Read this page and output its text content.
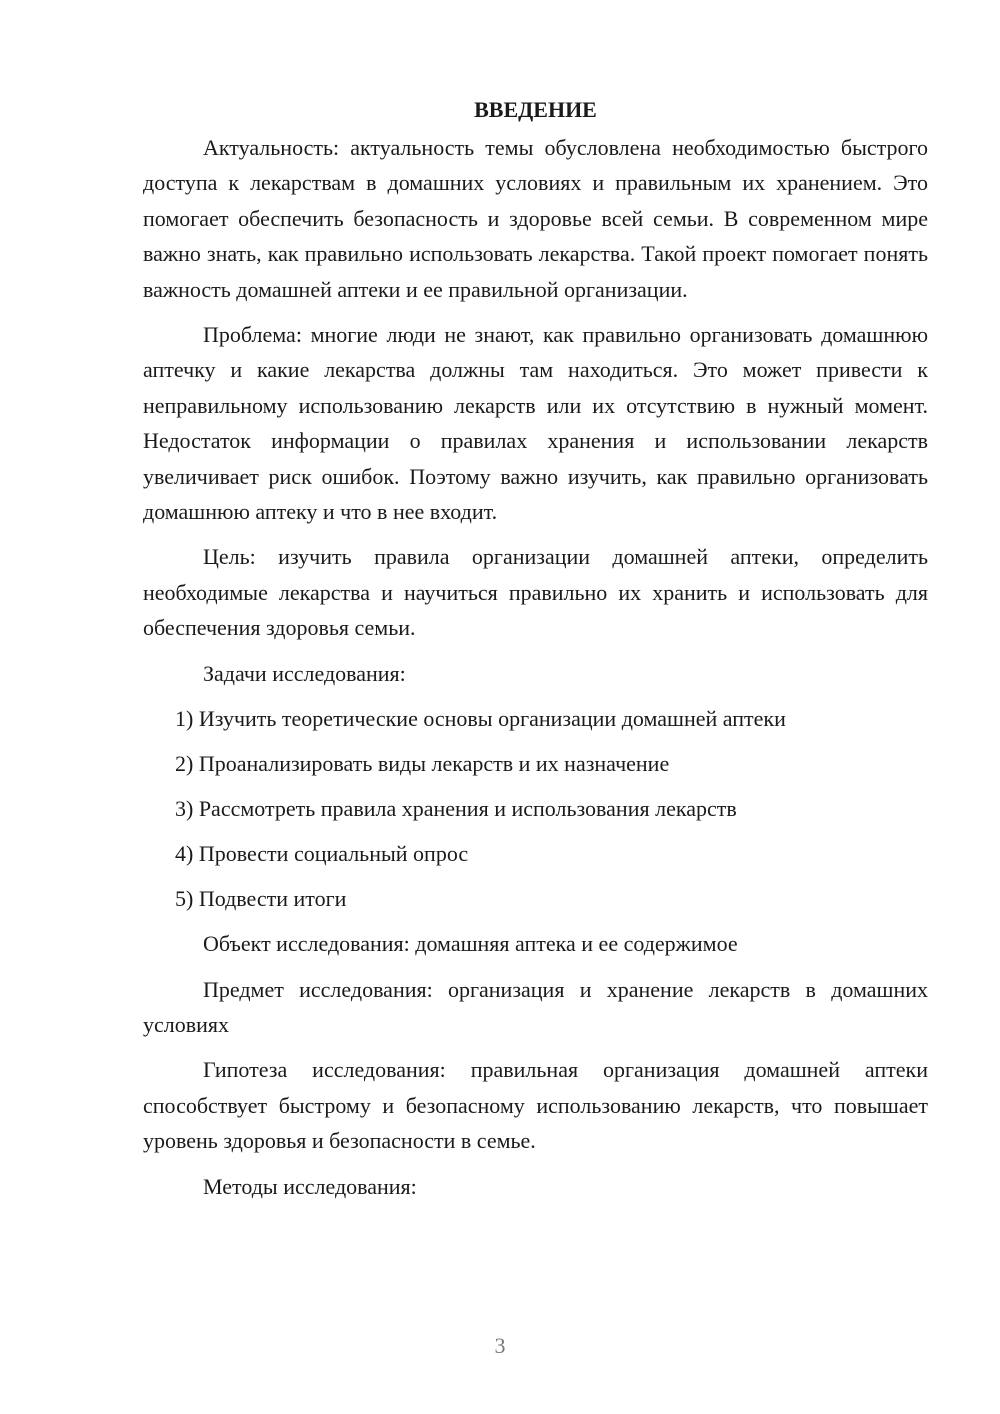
ВВЕДЕНИЕ

Актуальность: актуальность темы обусловлена необходимостью быстрого доступа к лекарствам в домашних условиях и правильным их хранением. Это помогает обеспечить безопасность и здоровье всей семьи. В современном мире важно знать, как правильно использовать лекарства. Такой проект помогает понять важность домашней аптеки и ее правильной организации.

Проблема: многие люди не знают, как правильно организовать домашнюю аптечку и какие лекарства должны там находиться. Это может привести к неправильному использованию лекарств или их отсутствию в нужный момент. Недостаток информации о правилах хранения и использовании лекарств увеличивает риск ошибок. Поэтому важно изучить, как правильно организовать домашнюю аптеку и что в нее входит.

Цель: изучить правила организации домашней аптеки, определить необходимые лекарства и научиться правильно их хранить и использовать для обеспечения здоровья семьи.

Задачи исследования:

1) Изучить теоретические основы организации домашней аптеки

2) Проанализировать виды лекарств и их назначение

3) Рассмотреть правила хранения и использования лекарств

4) Провести социальный опрос

5) Подвести итоги

Объект исследования: домашняя аптека и ее содержимое

Предмет исследования: организация и хранение лекарств в домашних условиях

Гипотеза исследования: правильная организация домашней аптеки способствует быстрому и безопасному использованию лекарств, что повышает уровень здоровья и безопасности в семье.

Методы исследования:

3
